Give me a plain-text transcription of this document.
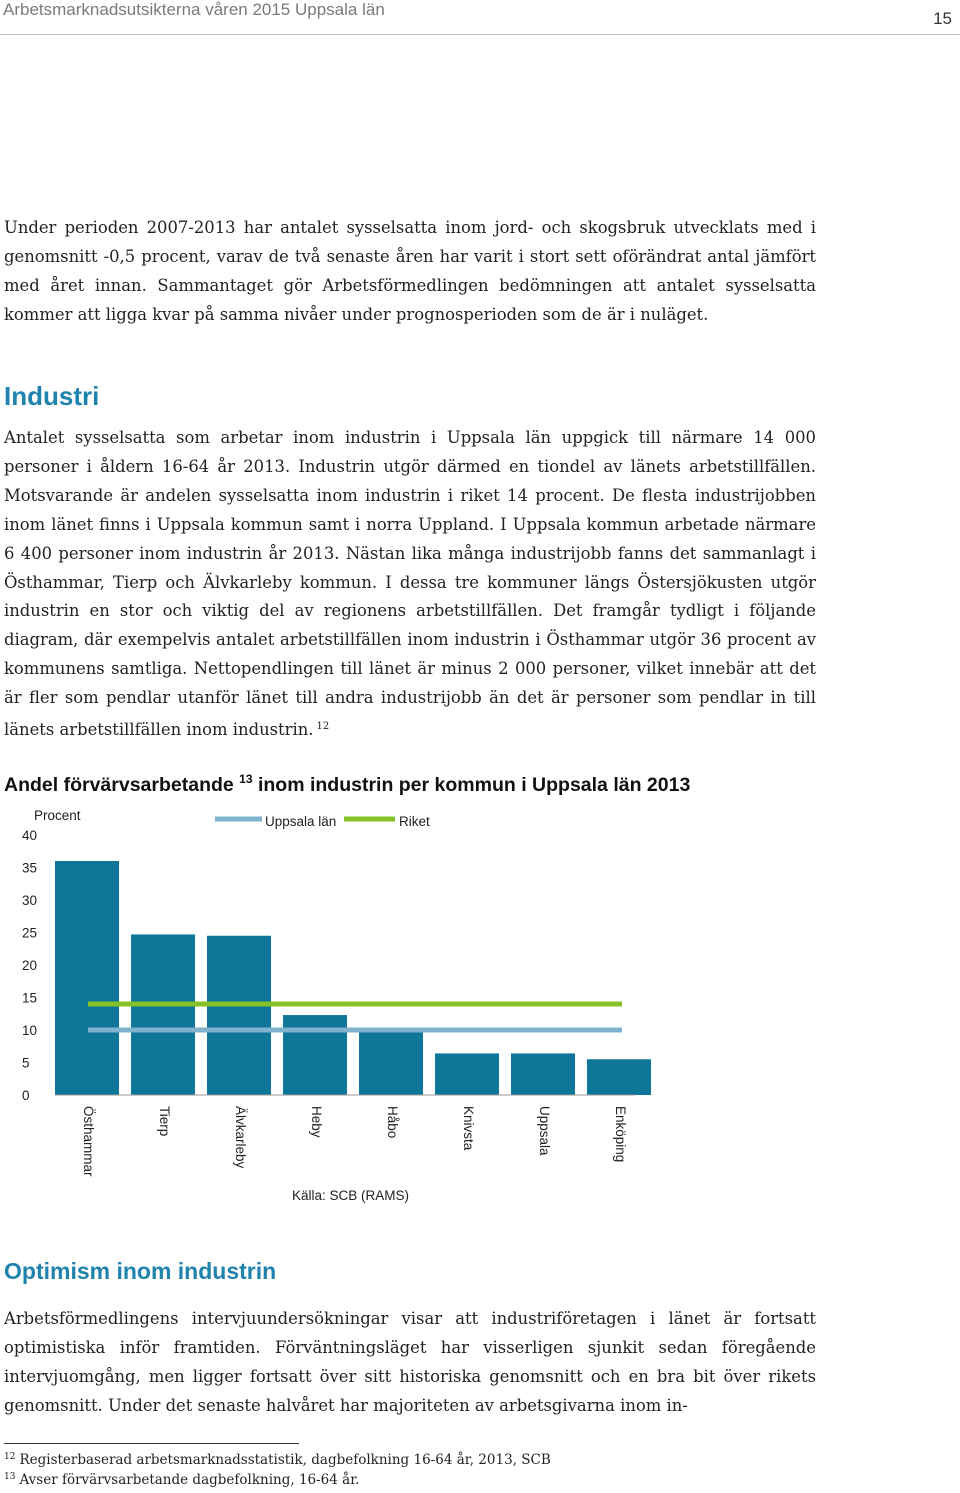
Arbetsmarknadsutsikterna våren 2015 Uppsala län	15

Under perioden 2007-2013 har antalet sysselsatta inom jord- och skogsbruk utvecklats med i genomsnitt -0,5 procent, varav de två senaste åren har varit i stort sett oförändrat antal jämfört med året innan. Sammantaget gör Arbetsförmedlingen bedömningen att antalet sysselsatta kommer att ligga kvar på samma nivåer under prognosperioden som de är i nuläget.

Industri

Antalet sysselsatta som arbetar inom industrin i Uppsala län uppgick till närmare 14 000 personer i åldern 16-64 år 2013. Industrin utgör därmed en tiondel av länets arbetstillfällen. Motsvarande är andelen sysselsatta inom industrin i riket 14 procent. De flesta industrijobben inom länet finns i Uppsala kommun samt i norra Uppland. I Uppsala kommun arbetade närmare 6 400 personer inom industrin år 2013. Nästan lika många industrijobb fanns det sammanlagt i Östhammar, Tierp och Älvkarleby kommun. I dessa tre kommuner längs Östersjökusten utgör industrin en stor och viktig del av regionens arbetstillfällen. Det framgår tydligt i följande diagram, där exempelvis antalet arbetstillfällen inom industrin i Östhammar utgör 36 procent av kommunens samtliga. Nettopendlingen till länet är minus 2 000 personer, vilket innebär att det är fler som pendlar utanför länet till andra industrijobb än det är personer som pendlar in till länets arbetstillfällen inom industrin. $^{12}$

Andel förvärvsarbetande $^{13}$ inom industrin per kommun i Uppsala län 2013
Procent	Uppsala län	Riket
0
5
10
15
20
25
30
35
40
Östhammar	Tierp	Älvkarleby	Heby	Håbo	Knivsta	Uppsala	Enköping
Källa: SCB (RAMS)
Optimism inom industrin

Arbetsförmedlingens intervjuundersökningar visar att industriföretagen i länet är fortsatt optimistiska inför framtiden. Förväntningsläget har visserligen sjunkit sedan föregående intervjuomgång, men ligger fortsatt över sitt historiska genomsnitt och en bra bit över rikets genomsnitt. Under det senaste halvåret har majoriteten av arbetsgivarna inom in-

$^{12}$ Registerbaserad arbetsmarknadsstatistik, dagbefolkning 16-64 år, 2013, SCB
$^{13}$ Avser förvärvsarbetande dagbefolkning, 16-64 år.
